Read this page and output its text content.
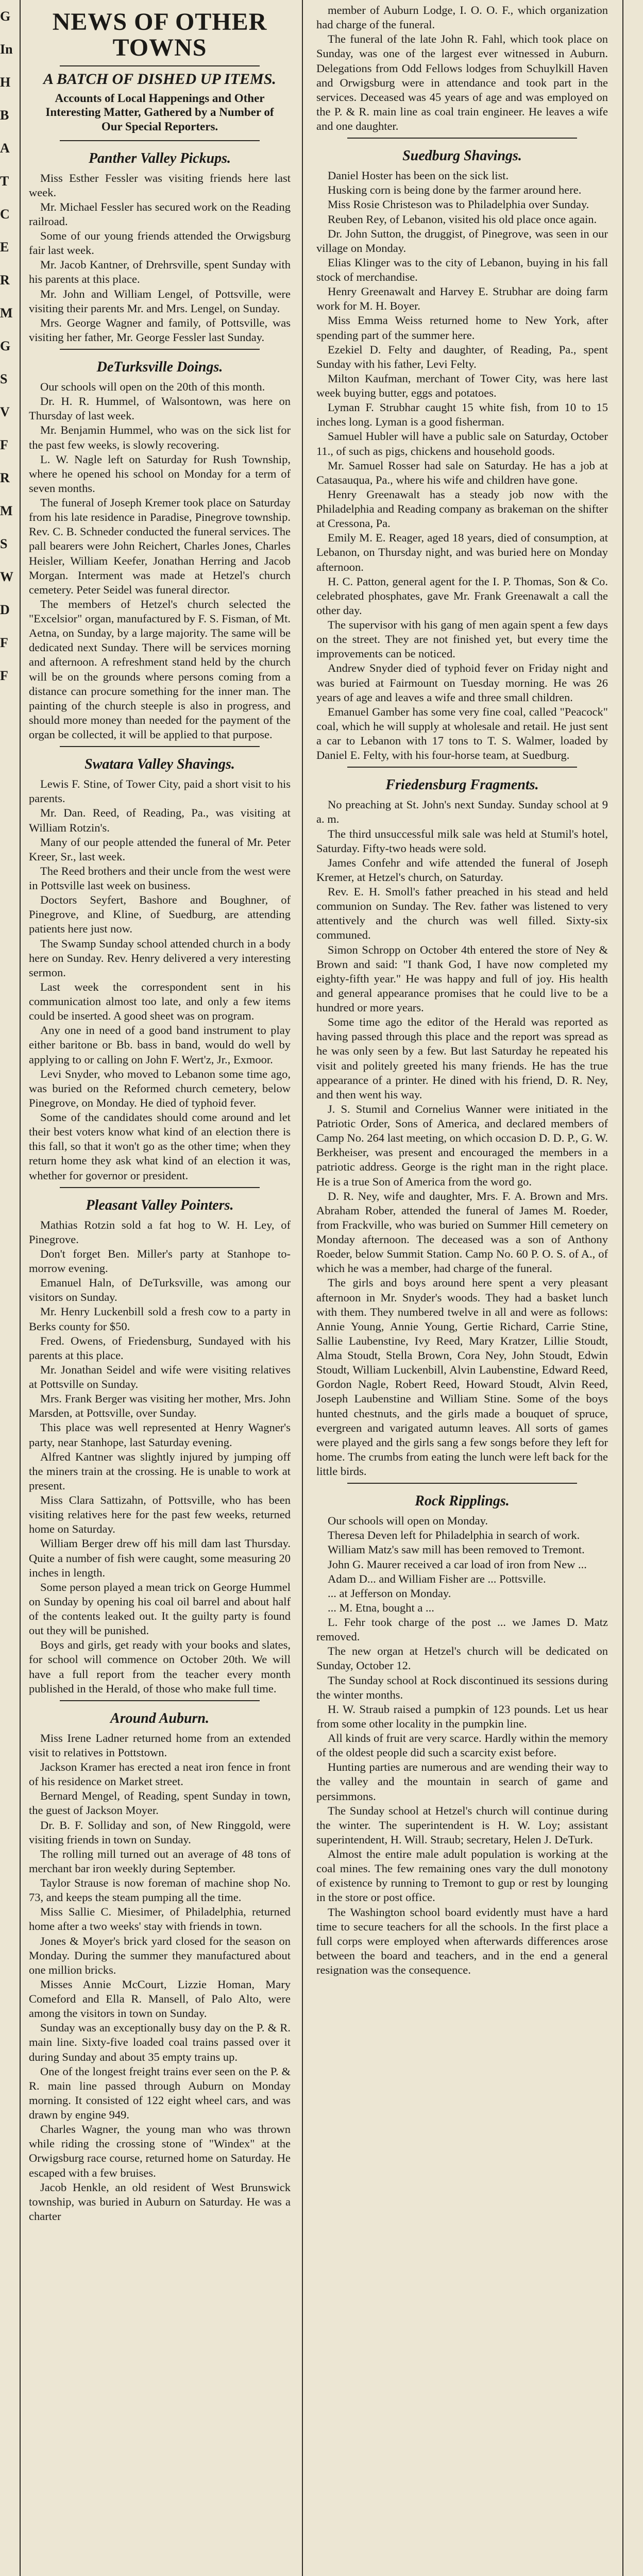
G
In
H
B
A
T
C
E
R
M
G
S
V
F
R
M
S
W
D
F
F
NEWS OF OTHER TOWNS
A BATCH OF DISHED UP ITEMS.
Accounts of Local Happenings and Other Interesting Matter, Gathered by a Number of Our Special Reporters.
Panther Valley Pickups.

Miss Esther Fessler was visiting friends here last week.

Mr. Michael Fessler has secured work on the Reading railroad.

Some of our young friends attended the Orwigsburg fair last week.

Mr. Jacob Kantner, of Drehrsville, spent Sunday with his parents at this place.

Mr. John and William Lengel, of Pottsville, were visiting their parents Mr. and Mrs. Lengel, on Sunday.

Mrs. George Wagner and family, of Pottsville, was visiting her father, Mr. George Fessler last Sunday.

DeTurksville Doings.

Our schools will open on the 20th of this month.

Dr. H. R. Hummel, of Walsontown, was here on Thursday of last week.

Mr. Benjamin Hummel, who was on the sick list for the past few weeks, is slowly recovering.

L. W. Nagle left on Saturday for Rush Township, where he opened his school on Monday for a term of seven months.

The funeral of Joseph Kremer took place on Saturday from his late residence in Paradise, Pinegrove township. Rev. C. B. Schneder conducted the funeral services. The pall bearers were John Reichert, Charles Jones, Charles Heisler, William Keefer, Jonathan Herring and Jacob Morgan. Interment was made at Hetzel's church cemetery. Peter Seidel was funeral director.

The members of Hetzel's church selected the "Excelsior" organ, manufactured by F. S. Fisman, of Mt. Aetna, on Sunday, by a large majority. The same will be dedicated next Sunday. There will be services morning and afternoon. A refreshment stand held by the church will be on the grounds where persons coming from a distance can procure something for the inner man. The painting of the church steeple is also in progress, and should more money than needed for the payment of the organ be collected, it will be applied to that purpose.

Swatara Valley Shavings.

Lewis F. Stine, of Tower City, paid a short visit to his parents.

Mr. Dan. Reed, of Reading, Pa., was visiting at William Rotzin's.

Many of our people attended the funeral of Mr. Peter Kreer, Sr., last week.

The Reed brothers and their uncle from the west were in Pottsville last week on business.

Doctors Seyfert, Bashore and Boughner, of Pinegrove, and Kline, of Suedburg, are attending patients here just now.

The Swamp Sunday school attended church in a body here on Sunday. Rev. Henry delivered a very interesting sermon.

Last week the correspondent sent in his communication almost too late, and only a few items could be inserted. A good sheet was on program.

Any one in need of a good band instrument to play either baritone or Bb. bass in band, would do well by applying to or calling on John F. Wert'z, Jr., Exmoor.

Levi Snyder, who moved to Lebanon some time ago, was buried on the Reformed church cemetery, below Pinegrove, on Monday. He died of typhoid fever.

Some of the candidates should come around and let their best voters know what kind of an election there is this fall, so that it won't go as the other time; when they return home they ask what kind of an election it was, whether for governor or president.

Pleasant Valley Pointers.

Mathias Rotzin sold a fat hog to W. H. Ley, of Pinegrove.

Don't forget Ben. Miller's party at Stanhope to-morrow evening.

Emanuel Haln, of DeTurksville, was among our visitors on Sunday.

Mr. Henry Luckenbill sold a fresh cow to a party in Berks county for $50.

Fred. Owens, of Friedensburg, Sundayed with his parents at this place.

Mr. Jonathan Seidel and wife were visiting relatives at Pottsville on Sunday.

Mrs. Frank Berger was visiting her mother, Mrs. John Marsden, at Pottsville, over Sunday.

This place was well represented at Henry Wagner's party, near Stanhope, last Saturday evening.

Alfred Kantner was slightly injured by jumping off the miners train at the crossing. He is unable to work at present.

Miss Clara Sattizahn, of Pottsville, who has been visiting relatives here for the past few weeks, returned home on Saturday.

William Berger drew off his mill dam last Thursday. Quite a number of fish were caught, some measuring 20 inches in length.

Some person played a mean trick on George Hummel on Sunday by opening his coal oil barrel and about half of the contents leaked out. It the guilty party is found out they will be punished.

Boys and girls, get ready with your books and slates, for school will commence on October 20th. We will have a full report from the teacher every month published in the Herald, of those who make full time.

Around Auburn.

Miss Irene Ladner returned home from an extended visit to relatives in Pottstown.

Jackson Kramer has erected a neat iron fence in front of his residence on Market street.

Bernard Mengel, of Reading, spent Sunday in town, the guest of Jackson Moyer.

Dr. B. F. Solliday and son, of New Ringgold, were visiting friends in town on Sunday.

The rolling mill turned out an average of 48 tons of merchant bar iron weekly during September.

Taylor Strause is now foreman of machine shop No. 73, and keeps the steam pumping all the time.

Miss Sallie C. Miesimer, of Philadelphia, returned home after a two weeks' stay with friends in town.

Jones & Moyer's brick yard closed for the season on Monday. During the summer they manufactured about one million bricks.

Misses Annie McCourt, Lizzie Homan, Mary Comeford and Ella R. Mansell, of Palo Alto, were among the visitors in town on Sunday.

Sunday was an exceptionally busy day on the P. & R. main line. Sixty-five loaded coal trains passed over it during Sunday and about 35 empty trains up.

One of the longest freight trains ever seen on the P. & R. main line passed through Auburn on Monday morning. It consisted of 122 eight wheel cars, and was drawn by engine 949.

Charles Wagner, the young man who was thrown while riding the crossing stone of "Windex" at the Orwigsburg race course, returned home on Saturday. He escaped with a few bruises.

Jacob Henkle, an old resident of West Brunswick township, was buried in Auburn on Saturday. He was a charter

member of Auburn Lodge, I. O. O. F., which organization had charge of the funeral.

The funeral of the late John R. Fahl, which took place on Sunday, was one of the largest ever witnessed in Auburn. Delegations from Odd Fellows lodges from Schuylkill Haven and Orwigsburg were in attendance and took part in the services. Deceased was 45 years of age and was employed on the P. & R. main line as coal train engineer. He leaves a wife and one daughter.

Suedburg Shavings.

Daniel Hoster has been on the sick list.

Husking corn is being done by the farmer around here.

Miss Rosie Christeson was to Philadelphia over Sunday.

Reuben Rey, of Lebanon, visited his old place once again.

Dr. John Sutton, the druggist, of Pinegrove, was seen in our village on Monday.

Elias Klinger was to the city of Lebanon, buying in his fall stock of merchandise.

Henry Greenawalt and Harvey E. Strubhar are doing farm work for M. H. Boyer.

Miss Emma Weiss returned home to New York, after spending part of the summer here.

Ezekiel D. Felty and daughter, of Reading, Pa., spent Sunday with his father, Levi Felty.

Milton Kaufman, merchant of Tower City, was here last week buying butter, eggs and potatoes.

Lyman F. Strubhar caught 15 white fish, from 10 to 15 inches long. Lyman is a good fisherman.

Samuel Hubler will have a public sale on Saturday, October 11., of such as pigs, chickens and household goods.

Mr. Samuel Rosser had sale on Saturday. He has a job at Catasauqua, Pa., where his wife and children have gone.

Henry Greenawalt has a steady job now with the Philadelphia and Reading company as brakeman on the shifter at Cressona, Pa.

Emily M. E. Reager, aged 18 years, died of consumption, at Lebanon, on Thursday night, and was buried here on Monday afternoon.

H. C. Patton, general agent for the I. P. Thomas, Son & Co. celebrated phosphates, gave Mr. Frank Greenawalt a call the other day.

The supervisor with his gang of men again spent a few days on the street. They are not finished yet, but every time the improvements can be noticed.

Andrew Snyder died of typhoid fever on Friday night and was buried at Fairmount on Tuesday morning. He was 26 years of age and leaves a wife and three small children.

Emanuel Gamber has some very fine coal, called "Peacock" coal, which he will supply at wholesale and retail. He just sent a car to Lebanon with 17 tons to T. S. Walmer, loaded by Daniel E. Felty, with his four-horse team, at Suedburg.

Friedensburg Fragments.

No preaching at St. John's next Sunday. Sunday school at 9 a. m.

The third unsuccessful milk sale was held at Stumil's hotel, Saturday. Fifty-two heads were sold.

James Confehr and wife attended the funeral of Joseph Kremer, at Hetzel's church, on Saturday.

Rev. E. H. Smoll's father preached in his stead and held communion on Sunday. The Rev. father was listened to very attentively and the church was well filled. Sixty-six communed.

Simon Schropp on October 4th entered the store of Ney & Brown and said: "I thank God, I have now completed my eighty-fifth year." He was happy and full of joy. His health and general appearance promises that he could live to be a hundred or more years.

Some time ago the editor of the Herald was reported as having passed through this place and the report was spread as he was only seen by a few. But last Saturday he repeated his visit and politely greeted his many friends. He has the true appearance of a printer. He dined with his friend, D. R. Ney, and then went his way.

J. S. Stumil and Cornelius Wanner were initiated in the Patriotic Order, Sons of America, and declared members of Camp No. 264 last meeting, on which occasion D. D. P., G. W. Berkheiser, was present and encouraged the members in a patriotic address. George is the right man in the right place. He is a true Son of America from the word go.

D. R. Ney, wife and daughter, Mrs. F. A. Brown and Mrs. Abraham Rober, attended the funeral of James M. Roeder, from Frackville, who was buried on Summer Hill cemetery on Monday afternoon. The deceased was a son of Anthony Roeder, below Summit Station. Camp No. 60 P. O. S. of A., of which he was a member, had charge of the funeral.

The girls and boys around here spent a very pleasant afternoon in Mr. Snyder's woods. They had a basket lunch with them. They numbered twelve in all and were as follows: Annie Young, Annie Young, Gertie Richard, Carrie Stine, Sallie Laubenstine, Ivy Reed, Mary Kratzer, Lillie Stoudt, Alma Stoudt, Stella Brown, Cora Ney, John Stoudt, Edwin Stoudt, William Luckenbill, Alvin Laubenstine, Edward Reed, Gordon Nagle, Robert Reed, Howard Stoudt, Alvin Reed, Joseph Laubenstine and William Stine. Some of the boys hunted chestnuts, and the girls made a bouquet of spruce, evergreen and varigated autumn leaves. All sorts of games were played and the girls sang a few songs before they left for home. The crumbs from eating the lunch were left back for the little birds.

Rock Ripplings.

Our schools will open on Monday.

Theresa Deven left for Philadelphia in search of work.

William Matz's saw mill has been removed to Tremont.

John G. Maurer received a car load of iron from New ...

Adam D... and William Fisher are ... Pottsville.

... at Jefferson on Monday.

... M. Etna, bought a ...

L. Fehr took charge of the post ... we James D. Matz removed.

The new organ at Hetzel's church will be dedicated on Sunday, October 12.

The Sunday school at Rock discontinued its sessions during the winter months.

H. W. Straub raised a pumpkin of 123 pounds. Let us hear from some other locality in the pumpkin line.

All kinds of fruit are very scarce. Hardly within the memory of the oldest people did such a scarcity exist before.

Hunting parties are numerous and are wending their way to the valley and the mountain in search of game and persimmons.

The Sunday school at Hetzel's church will continue during the winter. The superintendent is H. W. Loy; assistant superintendent, H. Will. Straub; secretary, Helen J. DeTurk.

Almost the entire male adult population is working at the coal mines. The few remaining ones vary the dull monotony of existence by running to Tremont to gup or rest by lounging in the store or post office.

The Washington school board evidently must have a hard time to secure teachers for all the schools. In the first place a full corps were employed when afterwards differences arose between the board and teachers, and in the end a general resignation was the consequence.
